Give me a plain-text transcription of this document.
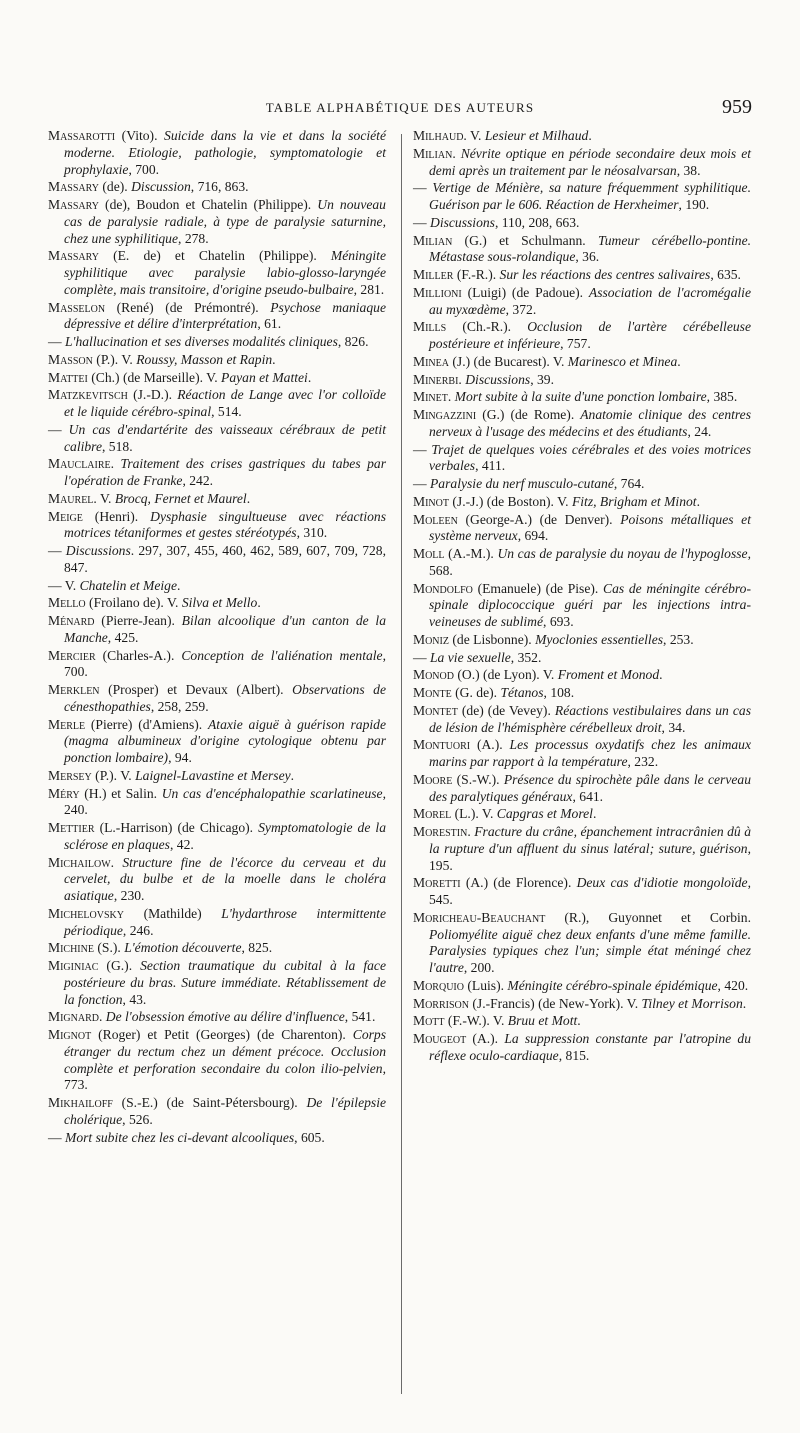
TABLE ALPHABÉTIQUE DES AUTEURS	959

Massarotti (Vito). Suicide dans la vie et dans la société moderne. Etiologie, pathologie, symptomatologie et prophylaxie, 700.

Massary (de). Discussion, 716, 863.

Massary (de), Boudon et Chatelin (Philippe). Un nouveau cas de paralysie radiale, à type de paralysie saturnine, chez une syphilitique, 278.

Massary (E. de) et Chatelin (Philippe). Méningite syphilitique avec paralysie labio-glosso-laryngée complète, mais transitoire, d'origine pseudo-bulbaire, 281.

Masselon (René) (de Prémontré). Psychose maniaque dépressive et délire d'interprétation, 61.

— L'hallucination et ses diverses modalités cliniques, 826.

Masson (P.). V. Roussy, Masson et Rapin.

Mattei (Ch.) (de Marseille). V. Payan et Mattei.

Matzkevitsch (J.-D.). Réaction de Lange avec l'or colloïde et le liquide cérébro-spinal, 514.

— Un cas d'endartérite des vaisseaux cérébraux de petit calibre, 518.

Mauclaire. Traitement des crises gastriques du tabes par l'opération de Franke, 242.

Maurel. V. Brocq, Fernet et Maurel.

Meige (Henri). Dysphasie singultueuse avec réactions motrices tétaniformes et gestes stéréotypés, 310.

— Discussions. 297, 307, 455, 460, 462, 589, 607, 709, 728, 847.

— V. Chatelin et Meige.

Mello (Froilano de). V. Silva et Mello.

Ménard (Pierre-Jean). Bilan alcoolique d'un canton de la Manche, 425.

Mercier (Charles-A.). Conception de l'aliénation mentale, 700.

Merklen (Prosper) et Devaux (Albert). Observations de cénesthopathies, 258, 259.

Merle (Pierre) (d'Amiens). Ataxie aiguë à guérison rapide (magma albumineux d'origine cytologique obtenu par ponction lombaire), 94.

Mersey (P.). V. Laignel-Lavastine et Mersey.

Méry (H.) et Salin. Un cas d'encéphalopathie scarlatineuse, 240.

Mettier (L.-Harrison) (de Chicago). Symptomatologie de la sclérose en plaques, 42.

Michailow. Structure fine de l'écorce du cerveau et du cervelet, du bulbe et de la moelle dans le choléra asiatique, 230.

Michelovsky (Mathilde) L'hydarthrose intermittente périodique, 246.

Michine (S.). L'émotion découverte, 825.

Miginiac (G.). Section traumatique du cubital à la face postérieure du bras. Suture immédiate. Rétablissement de la fonction, 43.

Mignard. De l'obsession émotive au délire d'influence, 541.

Mignot (Roger) et Petit (Georges) (de Charenton). Corps étranger du rectum chez un dément précoce. Occlusion complète et perforation secondaire du colon ilio-pelvien, 773.

Mikhailoff (S.-E.) (de Saint-Pétersbourg). De l'épilepsie cholérique, 526.

— Mort subite chez les ci-devant alcooliques, 605.

Milhaud. V. Lesieur et Milhaud.

Milian. Névrite optique en période secondaire deux mois et demi après un traitement par le néosalvarsan, 38.

— Vertige de Ménière, sa nature fréquemment syphilitique. Guérison par le 606. Réaction de Herxheimer, 190.

— Discussions, 110, 208, 663.

Milian (G.) et Schulmann. Tumeur cérébello-pontine. Métastase sous-rolandique, 36.

Miller (F.-R.). Sur les réactions des centres salivaires, 635.

Millioni (Luigi) (de Padoue). Association de l'acromégalie au myxœdème, 372.

Mills (Ch.-R.). Occlusion de l'artère cérébelleuse postérieure et inférieure, 757.

Minea (J.) (de Bucarest). V. Marinesco et Minea.

Minerbi. Discussions, 39.

Minet. Mort subite à la suite d'une ponction lombaire, 385.

Mingazzini (G.) (de Rome). Anatomie clinique des centres nerveux à l'usage des médecins et des étudiants, 24.

— Trajet de quelques voies cérébrales et des voies motrices verbales, 411.

— Paralysie du nerf musculo-cutané, 764.

Minot (J.-J.) (de Boston). V. Fitz, Brigham et Minot.

Moleen (George-A.) (de Denver). Poisons métalliques et système nerveux, 694.

Moll (A.-M.). Un cas de paralysie du noyau de l'hypoglosse, 568.

Mondolfo (Emanuele) (de Pise). Cas de méningite cérébro-spinale diplococcique guéri par les injections intra-veineuses de sublimé, 693.

Moniz (de Lisbonne). Myoclonies essentielles, 253.

— La vie sexuelle, 352.

Monod (O.) (de Lyon). V. Froment et Monod.

Monte (G. de). Tétanos, 108.

Montet (de) (de Vevey). Réactions vestibulaires dans un cas de lésion de l'hémisphère cérébelleux droit, 34.

Montuori (A.). Les processus oxydatifs chez les animaux marins par rapport à la température, 232.

Moore (S.-W.). Présence du spirochète pâle dans le cerveau des paralytiques généraux, 641.

Morel (L.). V. Capgras et Morel.

Morestin. Fracture du crâne, épanchement intracrânien dû à la rupture d'un affluent du sinus latéral; suture, guérison, 195.

Moretti (A.) (de Florence). Deux cas d'idiotie mongoloïde, 545.

Moricheau-Beauchant (R.), Guyonnet et Corbin. Poliomyélite aiguë chez deux enfants d'une même famille. Paralysies typiques chez l'un; simple état méningé chez l'autre, 200.

Morquio (Luis). Méningite cérébro-spinale épidémique, 420.

Morrison (J.-Francis) (de New-York). V. Tilney et Morrison.

Mott (F.-W.). V. Bruu et Mott.

Mougeot (A.). La suppression constante par l'atropine du réflexe oculo-cardiaque, 815.
